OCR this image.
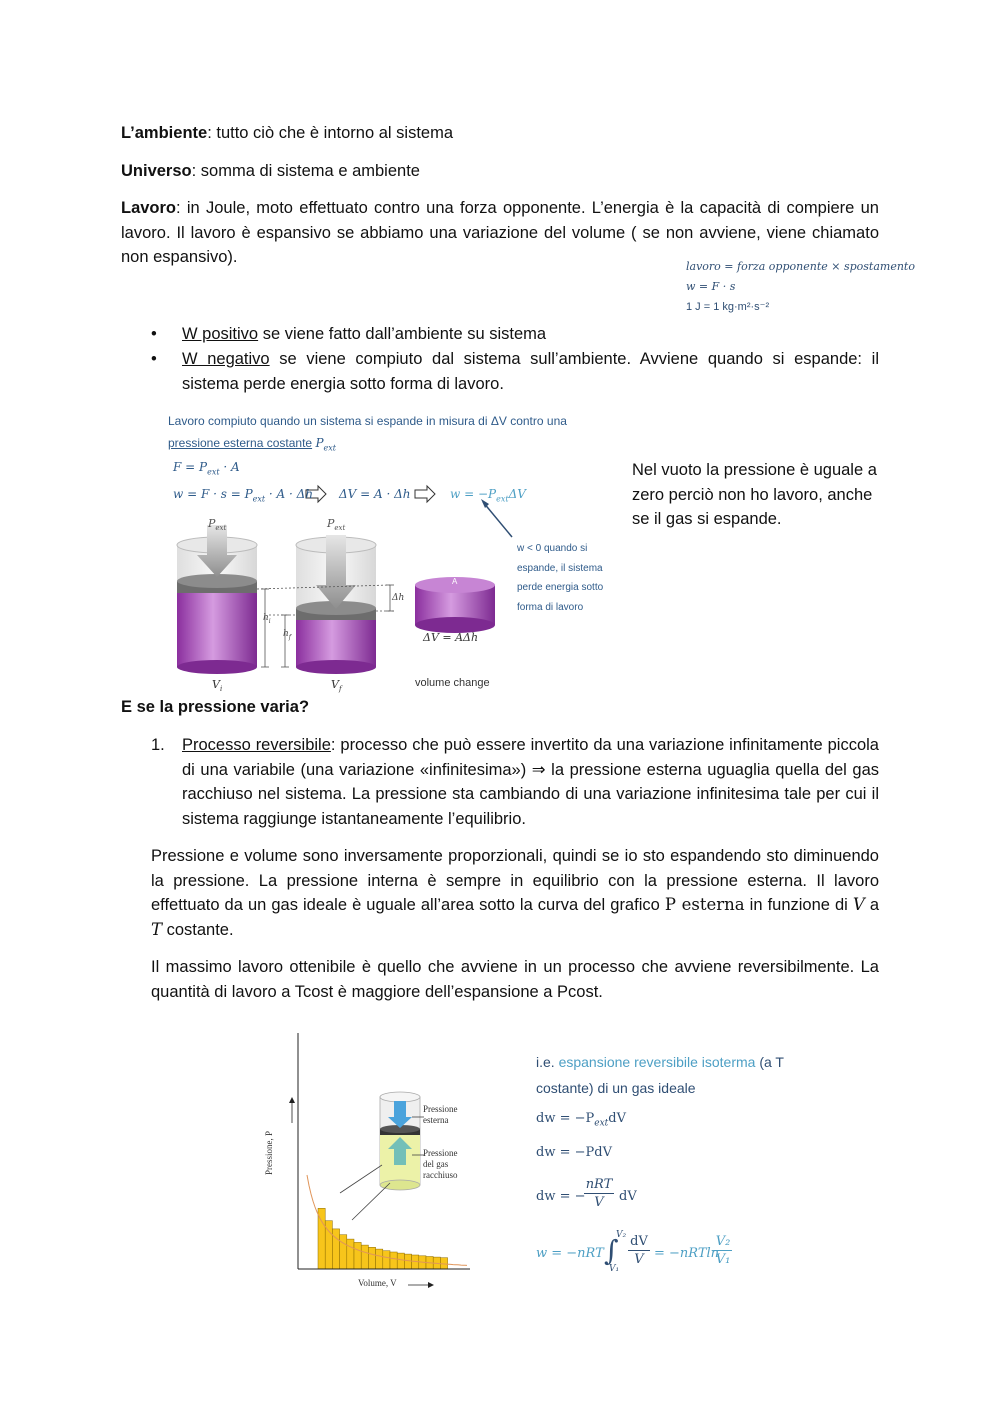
L’ambiente: tutto ciò che è intorno al sistema
Universo: somma di sistema e ambiente
Lavoro: in Joule, moto effettuato contro una forza opponente. L’energia è la capacità di compiere un lavoro. Il lavoro è espansivo se abbiamo una variazione del volume ( se non avviene, viene chiamato non espansivo).
lavoro = forza opponente × spostamento
w = F · s
1 J = 1 kg·m²·s⁻²
• W positivo se viene fatto dall’ambiente su sistema
• W negativo se viene compiuto dal sistema sull’ambiente. Avviene quando si espande: il sistema perde energia sotto forma di lavoro.
Lavoro compiuto quando un sistema si espande in misura di ΔV contro una
pressione esterna costante $P_{ext}$
$F = P_{ext} \cdot A$
$w = F \cdot s = P_{ext} \cdot A \cdot \Delta h$ ΔV = A · Δh	$w = -P_{ext}\Delta V$
$P_{ext}$	$P_{ext}$
$h_i$
$h_f$
Δh
A
ΔV = AΔh
$V_i$	$V_f$
volume change
w < 0 quando si
espande, il sistema
perde energia sotto
forma di lavoro
Nel vuoto la pressione è uguale a zero perciò non ho lavoro, anche se il gas si espande.
E se la pressione varia?
1. Processo reversibile: processo che può essere invertito da una variazione infinitamente piccola di una variabile (una variazione «infinitesima») ⇒ la pressione esterna uguaglia quella del gas racchiuso nel sistema. La pressione sta cambiando di una variazione infinitesima tale per cui il sistema raggiunge istantaneamente l’equilibrio.
Pressione e volume sono inversamente proporzionali, quindi se io sto espandendo sto diminuendo la pressione. La pressione interna è sempre in equilibrio con la pressione esterna. Il lavoro effettuato da un gas ideale è uguale all’area sotto la curva del grafico P esterna in funzione di V a T costante.
Il massimo lavoro ottenibile è quello che avviene in un processo che avviene reversibilmente. La quantità di lavoro a Tcost è maggiore dell’espansione a Pcost.
Pressione, P
Volume, V
Pressione
esterna
Pressione
del gas
racchiuso
i.e. espansione reversibile isoterma (a T
costante) di un gas ideale
dw = $-P_{ext}dV$
dw = −PdV
dw = −
nRT
V	dV
w = −nRT ∫
V₂
V₁
dV
V = −nRTln
V₂
V₁
